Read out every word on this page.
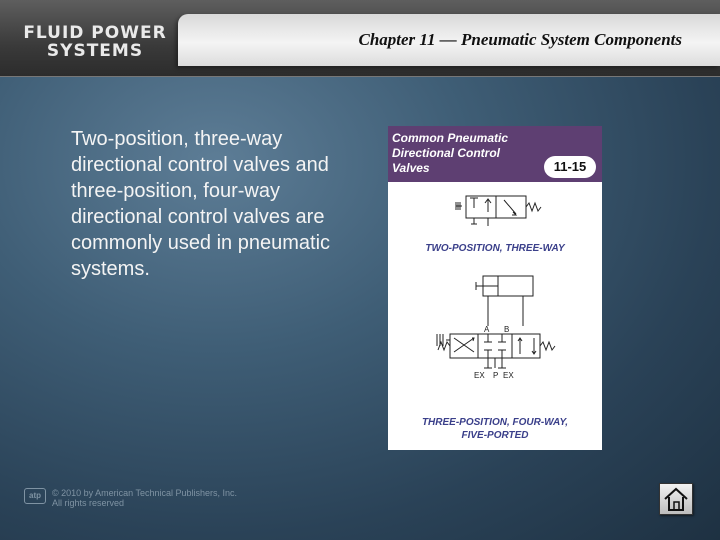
FLUID POWER
SYSTEMS
Chapter 11 — Pneumatic System Components
Two-position, three-way directional control valves and three-position, four-way directional control valves are commonly used in pneumatic systems.
Common Pneumatic
Directional Control
Valves	11-15
A B
EX P EX
TWO-POSITION, THREE-WAY
THREE-POSITION, FOUR-WAY,
FIVE-PORTED
atp	© 2010 by American Technical Publishers, Inc.
All rights reserved
